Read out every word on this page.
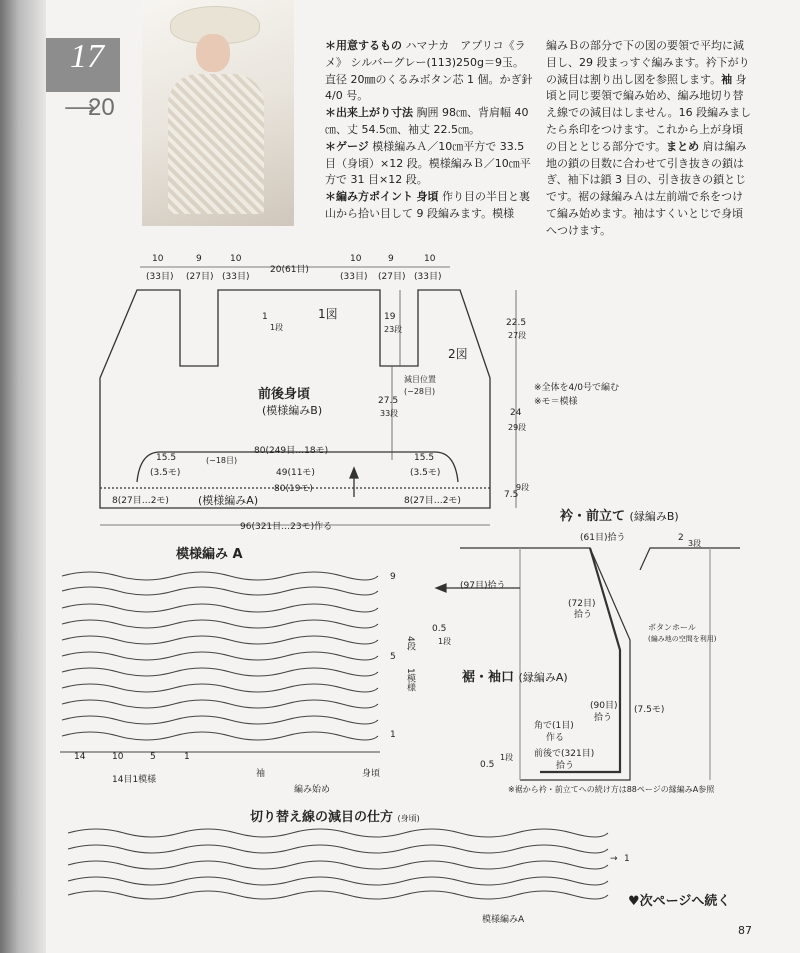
17
⟶
20

＊用意するもの ハマナカ　アプリコ《ラメ》 シルバーグレー(113)250g＝9玉。直径 20㎜のくるみボタン芯 1 個。かぎ針 4/0 号。

＊出来上がり寸法 胸囲 98㎝、背肩幅 40㎝、丈 54.5㎝、袖丈 22.5㎝。

＊ゲージ 模様編みＡ／10㎝平方で 33.5 目（身頃）×12 段。模様編みＢ／10㎝平方で 31 目×12 段。

＊編み方ポイント 身頃 作り目の半目と裏山から拾い目して 9 段編みます。模様

編みＢの部分で下の図の要領で平均に減目し、29 段まっすぐ編みます。衿下がりの減目は割り出し図を参照します。袖 身頃と同じ要領で編み始め、編み地切り替え線での減目はしません。16 段編みましたら糸印をつけます。これから上が身頃の目ととじる部分です。まとめ 肩は編み地の鎖の目数に合わせて引き抜きの鎖はぎ、袖下は鎖 3 目の、引き抜きの鎖とじです。裾の縁編みＡは左前端で糸をつけて編み始めます。袖はすくいとじで身頃へつけます。

10	9	10
20(61目)
10	9	10
(33目) (27目) (33目)	(33目) (27目) (33目)
1図
2図
1
1段
19
23段
前後身頃
(模様編みB)
減目位置
(−28目)
27.5
33段
22.5
27段
24
29段
7.5
9段
※全体を4/0号で編む
※モ＝模様
80(249目…18モ)
49(11モ)
(−18目)
15.5
(3.5モ)
15.5
(3.5モ)
80(19モ)
8(27目…2モ)	8(27目…2モ)
(模様編みA)
96(321目…23モ)作る
衿・前立て (縁編みB)
(61目)拾う	2
3段
(97目)拾う
(72目)
拾う
ボタンホール
(編み地の空間を利用)
0.5
1段
裾・袖口 (縁編みA)
(90目)
拾う
(7.5モ)
角で(1目)
作る
前後で(321目)
拾う
0.5
1段
※裾から衿・前立てへの続け方は88ページの縁編みA参照
模様編み A
9
5
1
4段
1模様
14	10	5	1
14目1模様
袖	身頃
編み始め
切り替え線の減目の仕方 (身頃)
1
→
模様編みA
♥次ページへ続く
87
